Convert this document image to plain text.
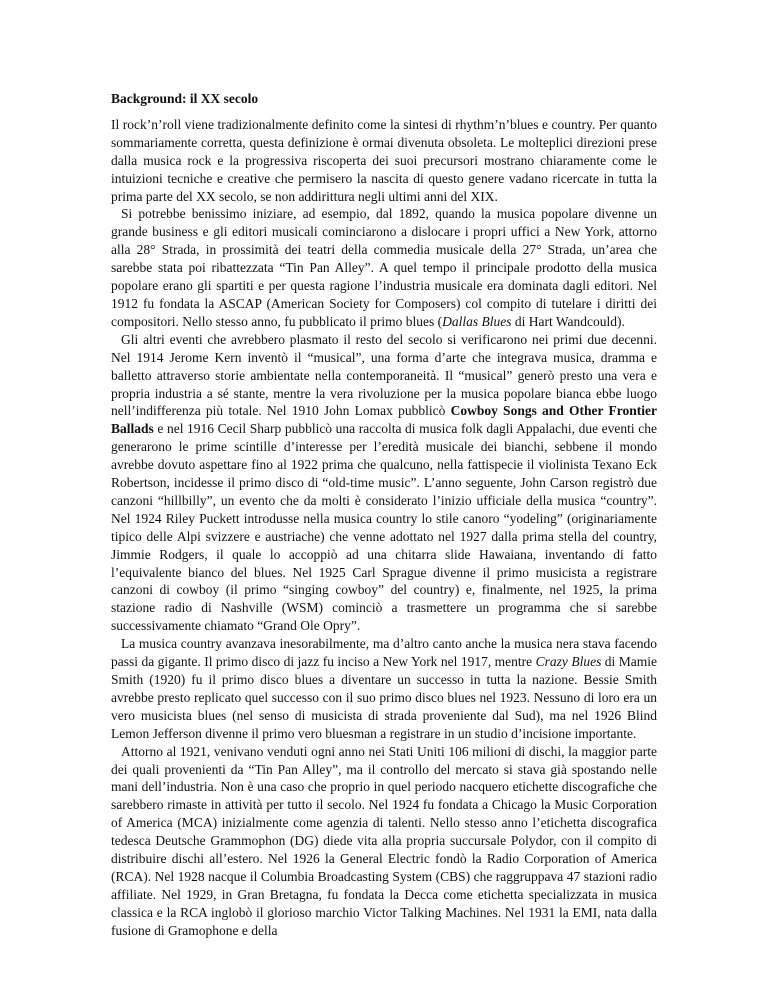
Background: il XX secolo

Il rock’n’roll viene tradizionalmente definito come la sintesi di rhythm’n’blues e country. Per quanto sommariamente corretta, questa definizione è ormai divenuta obsoleta. Le molteplici direzioni prese dalla musica rock e la progressiva riscoperta dei suoi precursori mostrano chiaramente come le intuizioni tecniche e creative che permisero la nascita di questo genere vadano ricercate in tutta la prima parte del XX secolo, se non addirittura negli ultimi anni del XIX.

Si potrebbe benissimo iniziare, ad esempio, dal 1892, quando la musica popolare divenne un grande business e gli editori musicali cominciarono a dislocare i propri uffici a New York, attorno alla 28° Strada, in prossimità dei teatri della commedia musicale della 27° Strada, un’area che sarebbe stata poi ribattezzata “Tin Pan Alley”. A quel tempo il principale prodotto della musica popolare erano gli spartiti e per questa ragione l’industria musicale era dominata dagli editori. Nel 1912 fu fondata la ASCAP (American Society for Composers) col compito di tutelare i diritti dei compositori. Nello stesso anno, fu pubblicato il primo blues (Dallas Blues di Hart Wandcould).

Gli altri eventi che avrebbero plasmato il resto del secolo si verificarono nei primi due decenni. Nel 1914 Jerome Kern inventò il “musical”, una forma d’arte che integrava musica, dramma e balletto attraverso storie ambientate nella contemporaneità. Il “musical” generò presto una vera e propria industria a sé stante, mentre la vera rivoluzione per la musica popolare bianca ebbe luogo nell’indifferenza più totale. Nel 1910 John Lomax pubblicò Cowboy Songs and Other Frontier Ballads e nel 1916 Cecil Sharp pubblicò una raccolta di musica folk dagli Appalachi, due eventi che generarono le prime scintille d’interesse per l’eredità musicale dei bianchi, sebbene il mondo avrebbe dovuto aspettare fino al 1922 prima che qualcuno, nella fattispecie il violinista Texano Eck Robertson, incidesse il primo disco di “old-time music”. L’anno seguente, John Carson registrò due canzoni “hillbilly”, un evento che da molti è considerato l’inizio ufficiale della musica “country”. Nel 1924 Riley Puckett introdusse nella musica country lo stile canoro “yodeling” (originariamente tipico delle Alpi svizzere e austriache) che venne adottato nel 1927 dalla prima stella del country, Jimmie Rodgers, il quale lo accoppiò ad una chitarra slide Hawaiana, inventando di fatto l’equivalente bianco del blues. Nel 1925 Carl Sprague divenne il primo musicista a registrare canzoni di cowboy (il primo “singing cowboy” del country) e, finalmente, nel 1925, la prima stazione radio di Nashville (WSM) cominciò a trasmettere un programma che si sarebbe successivamente chiamato “Grand Ole Opry”.

La musica country avanzava inesorabilmente, ma d’altro canto anche la musica nera stava facendo passi da gigante. Il primo disco di jazz fu inciso a New York nel 1917, mentre Crazy Blues di Mamie Smith (1920) fu il primo disco blues a diventare un successo in tutta la nazione. Bessie Smith avrebbe presto replicato quel successo con il suo primo disco blues nel 1923. Nessuno di loro era un vero musicista blues (nel senso di musicista di strada proveniente dal Sud), ma nel 1926 Blind Lemon Jefferson divenne il primo vero bluesman a registrare in un studio d’incisione importante.

Attorno al 1921, venivano venduti ogni anno nei Stati Uniti 106 milioni di dischi, la maggior parte dei quali provenienti da “Tin Pan Alley”, ma il controllo del mercato si stava già spostando nelle mani dell’industria. Non è una caso che proprio in quel periodo nacquero etichette discografiche che sarebbero rimaste in attività per tutto il secolo. Nel 1924 fu fondata a Chicago la Music Corporation of America (MCA) inizialmente come agenzia di talenti. Nello stesso anno l’etichetta discografica tedesca Deutsche Grammophon (DG) diede vita alla propria succursale Polydor, con il compito di distribuire dischi all’estero. Nel 1926 la General Electric fondò la Radio Corporation of America (RCA). Nel 1928 nacque il Columbia Broadcasting System (CBS) che raggruppava 47 stazioni radio affiliate. Nel 1929, in Gran Bretagna, fu fondata la Decca come etichetta specializzata in musica classica e la RCA inglobò il glorioso marchio Victor Talking Machines. Nel 1931 la EMI, nata dalla fusione di Gramophone e della
